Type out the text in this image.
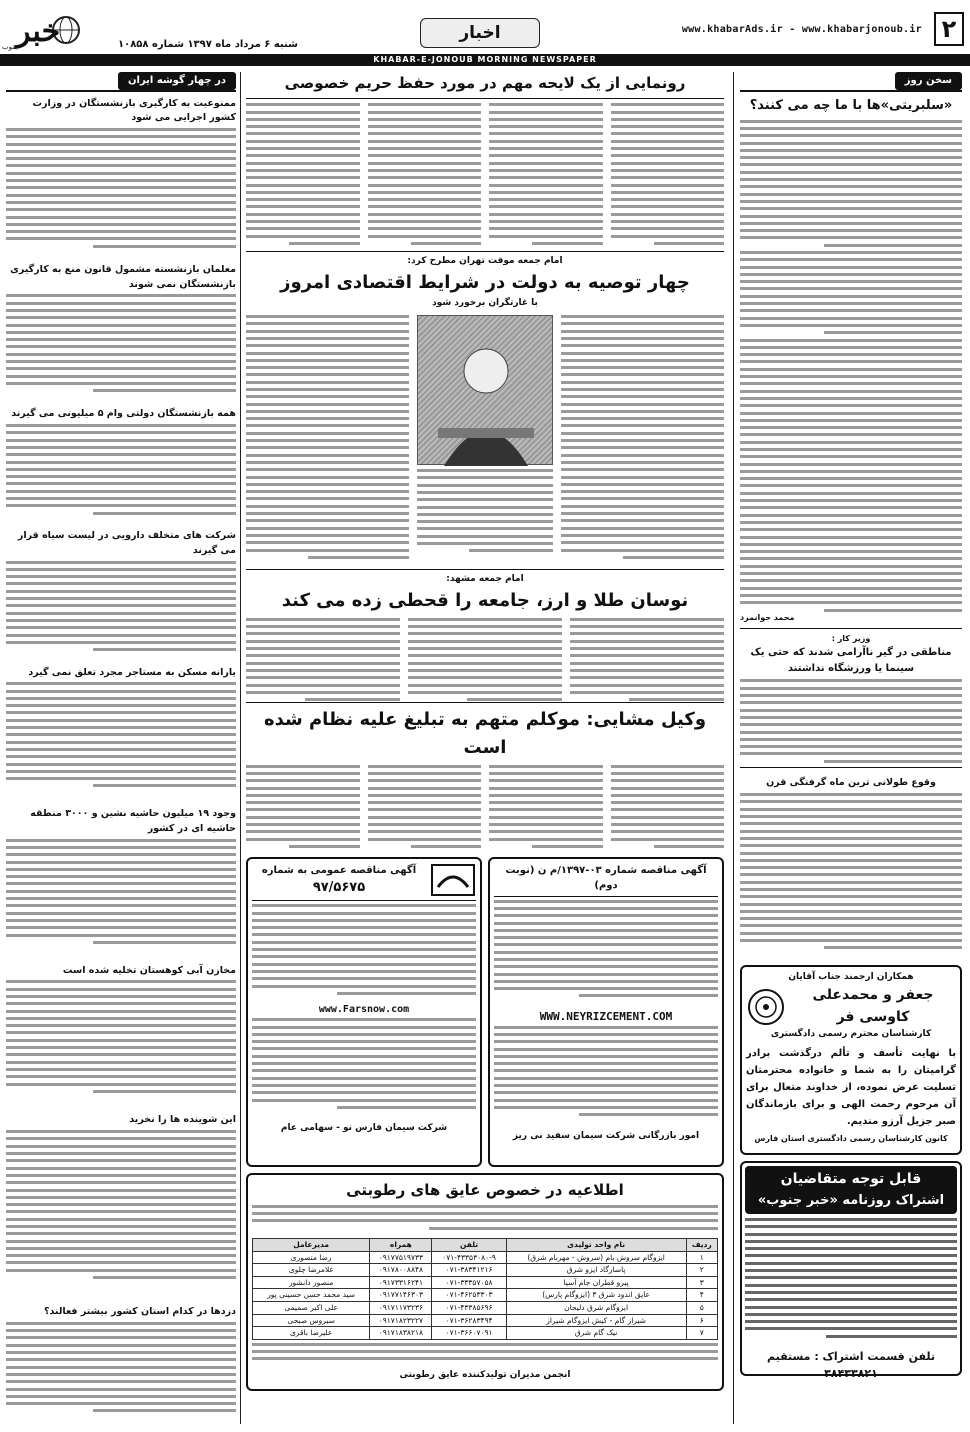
۲
www.khabarAds.ir - www.khabarjonoub.ir
اخبار
شنبه ۶ مرداد ماه ۱۳۹۷ شماره ۱۰۸۵۸
خبر
جنوب
KHABAR-E-JONOUB MORNING NEWSPAPER
سخن روز
«سلبریتی»ها با ما چه می کنند؟
محمد جوانمرد
وزیر کار :
مناطقی در گیر ناآرامی شدند که حتی یک سینما یا ورزشگاه نداشتند
وقوع طولانی ترین ماه گرفتگی قرن
همکاران ارجمند جناب آقایان
جعفر و محمدعلی کاوسی فر
کارشناسان محترم رسمی دادگستری
با نهایت تأسف و تألم درگذشت برادر گرامیتان را به شما و خانواده محترمتان تسلیت عرض نموده، از خداوند متعال برای آن مرحوم رحمت الهی و برای بازماندگان صبر جزیل آرزو مندیم.
کانون کارشناسان رسمی دادگستری استان فارس
قابل توجه متقاضیان
اشتراک روزنامه «خبر جنوب»
تلفن قسمت اشتراک : مستقیم ۳۸۴۳۳۸۲۱
رونمایی از یک لایحه مهم در مورد حفظ حریم خصوصی
امام جمعه موقت تهران مطرح کرد:
چهار توصیه به دولت در شرایط اقتصادی امروز
با غارتگران برخورد شود
امام جمعه مشهد:
نوسان طلا و ارز، جامعه را قحطی زده می کند
وکیل مشایی: موکلم متهم به تبلیغ علیه نظام شده است
آگهی مناقصه شماره ۰۳-۱۳۹۷/م ن (نوبت دوم)
WWW.NEYRIZCEMENT.COM
امور بازرگانی شرکت سیمان سفید نی ریز
آگهی مناقصه عمومی به شماره
۹۷/۵۶۷۵
www.Farsnow.com
شرکت سیمان فارس نو - سهامی عام
اطلاعیه در خصوص عایق های رطوبتی
ردیف	نام واحد تولیدی	تلفن	همراه	مدیرعامل
۱	ایزوگام سروش بام (سروش - مهربام شرق)	۰۷۱-۴۳۳۵۳۰۸۰-۹	۰۹۱۷۷۵۱۹۷۳۳	رضا منصوری
۲	پاسارگاد ایزو شرق	۰۷۱-۳۸۳۴۱۲۱۶	۰۹۱۷۸۰۰۸۸۴۸	غلامرضا چلوی
۳	پیرو قطران جام آسیا	۰۷۱-۳۳۳۵۷۰۵۸	۰۹۱۷۳۳۱۶۲۴۱	منصور دانشور
۴	عایق اندود شرق ۳ (ایزوگام پارس)	۰۷۱-۴۶۲۵۳۳۰۳	۰۹۱۷۷۱۴۶۳۰۳	سید محمد حسن حسینی پور
۵	ایزوگام شرق دلیجان	۰۷۱-۴۳۳۸۵۶۹۶	۰۹۱۷۱۱۷۳۲۳۶	علی اکبر صمیمی
۶	شیراز گام - کیش ایزوگام شیراز	۰۷۱-۳۶۲۸۳۴۹۴	۰۹۱۷۱۸۲۳۲۲۷	سیروس صبحی
۷	نیک گام شرق	۰۷۱-۳۶۶۰۷۰۹۱	۰۹۱۷۱۸۳۸۲۱۸	علیرضا باقری
انجمن مدیران تولیدکننده عایق رطوبتی
در چهار گوشه ایران
ممنوعیت به کارگیری بازنشستگان در وزارت کشور اجرایی می شود
معلمان بازنشسته مشمول قانون منع به کارگیری بازنشستگان نمی شوند
همه بازنشستگان دولتی وام ۵ میلیونی می گیرند
شرکت های متخلف دارویی در لیست سیاه قرار می گیرند
یارانه مسکن به مستاجر مجرد تعلق نمی گیرد
وجود ۱۹ میلیون حاشیه نشین و ۳۰۰۰ منطقه حاشیه ای در کشور
مخازن آبی کوهستان تخلیه شده است
این شوینده ها را نخرید
دزدها در کدام استان کشور بیشتر فعالند؟
